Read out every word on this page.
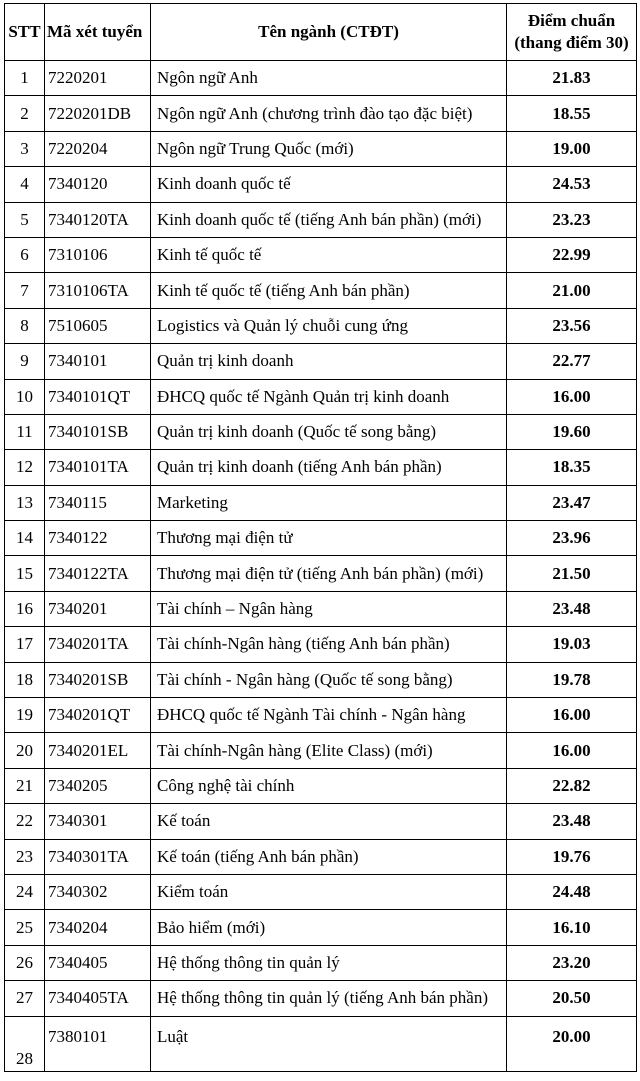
STT	Mã xét tuyển	Tên ngành (CTĐT)	Điểm chuẩn
(thang điểm 30)

1	7220201	Ngôn ngữ Anh	21.83
2	7220201DB	Ngôn ngữ Anh (chương trình đào tạo đặc biệt)	18.55
3	7220204	Ngôn ngữ Trung Quốc (mới)	19.00
4	7340120	Kinh doanh quốc tế	24.53
5	7340120TA	Kinh doanh quốc tế (tiếng Anh bán phần) (mới)	23.23
6	7310106	Kinh tế quốc tế	22.99
7	7310106TA	Kinh tế quốc tế (tiếng Anh bán phần)	21.00
8	7510605	Logistics và Quản lý chuỗi cung ứng	23.56
9	7340101	Quản trị kinh doanh	22.77
10	7340101QT	ĐHCQ quốc tế Ngành Quản trị kinh doanh	16.00
11	7340101SB	Quản trị kinh doanh (Quốc tế song bằng)	19.60
12	7340101TA	Quản trị kinh doanh (tiếng Anh bán phần)	18.35
13	7340115	Marketing	23.47
14	7340122	Thương mại điện tử	23.96
15	7340122TA	Thương mại điện tử (tiếng Anh bán phần) (mới)	21.50
16	7340201	Tài chính – Ngân hàng	23.48
17	7340201TA	Tài chính-Ngân hàng (tiếng Anh bán phần)	19.03
18	7340201SB	Tài chính - Ngân hàng (Quốc tế song bằng)	19.78
19	7340201QT	ĐHCQ quốc tế Ngành Tài chính - Ngân hàng	16.00
20	7340201EL	Tài chính-Ngân hàng (Elite Class) (mới)	16.00
21	7340205	Công nghệ tài chính	22.82
22	7340301	Kế toán	23.48
23	7340301TA	Kế toán (tiếng Anh bán phần)	19.76
24	7340302	Kiểm toán	24.48
25	7340204	Bảo hiểm (mới)	16.10
26	7340405	Hệ thống thông tin quản lý	23.20
27	7340405TA	Hệ thống thông tin quản lý (tiếng Anh bán phần)	20.50
28	7380101	Luật	20.00
